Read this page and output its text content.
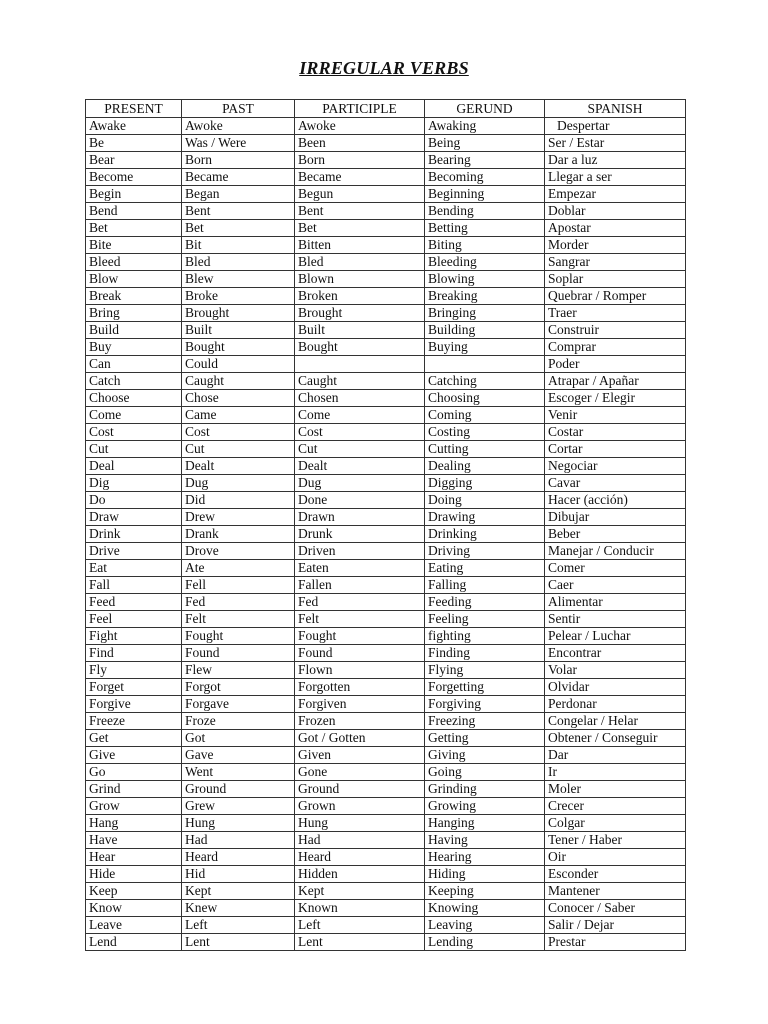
IRREGULAR VERBS
PRESENT	PAST	PARTICIPLE	GERUND	SPANISH
Awake	Awoke	Awoke	Awaking	Despertar
Be	Was / Were	Been	Being	Ser / Estar
Bear	Born	Born	Bearing	Dar a luz
Become	Became	Became	Becoming	Llegar a ser
Begin	Began	Begun	Beginning	Empezar
Bend	Bent	Bent	Bending	Doblar
Bet	Bet	Bet	Betting	Apostar
Bite	Bit	Bitten	Biting	Morder
Bleed	Bled	Bled	Bleeding	Sangrar
Blow	Blew	Blown	Blowing	Soplar
Break	Broke	Broken	Breaking	Quebrar / Romper
Bring	Brought	Brought	Bringing	Traer
Build	Built	Built	Building	Construir
Buy	Bought	Bought	Buying	Comprar
Can	Could			Poder
Catch	Caught	Caught	Catching	Atrapar / Apañar
Choose	Chose	Chosen	Choosing	Escoger / Elegir
Come	Came	Come	Coming	Venir
Cost	Cost	Cost	Costing	Costar
Cut	Cut	Cut	Cutting	Cortar
Deal	Dealt	Dealt	Dealing	Negociar
Dig	Dug	Dug	Digging	Cavar
Do	Did	Done	Doing	Hacer (acción)
Draw	Drew	Drawn	Drawing	Dibujar
Drink	Drank	Drunk	Drinking	Beber
Drive	Drove	Driven	Driving	Manejar / Conducir
Eat	Ate	Eaten	Eating	Comer
Fall	Fell	Fallen	Falling	Caer
Feed	Fed	Fed	Feeding	Alimentar
Feel	Felt	Felt	Feeling	Sentir
Fight	Fought	Fought	fighting	Pelear / Luchar
Find	Found	Found	Finding	Encontrar
Fly	Flew	Flown	Flying	Volar
Forget	Forgot	Forgotten	Forgetting	Olvidar
Forgive	Forgave	Forgiven	Forgiving	Perdonar
Freeze	Froze	Frozen	Freezing	Congelar / Helar
Get	Got	Got / Gotten	Getting	Obtener / Conseguir
Give	Gave	Given	Giving	Dar
Go	Went	Gone	Going	Ir
Grind	Ground	Ground	Grinding	Moler
Grow	Grew	Grown	Growing	Crecer
Hang	Hung	Hung	Hanging	Colgar
Have	Had	Had	Having	Tener / Haber
Hear	Heard	Heard	Hearing	Oir
Hide	Hid	Hidden	Hiding	Esconder
Keep	Kept	Kept	Keeping	Mantener
Know	Knew	Known	Knowing	Conocer / Saber
Leave	Left	Left	Leaving	Salir / Dejar
Lend	Lent	Lent	Lending	Prestar
